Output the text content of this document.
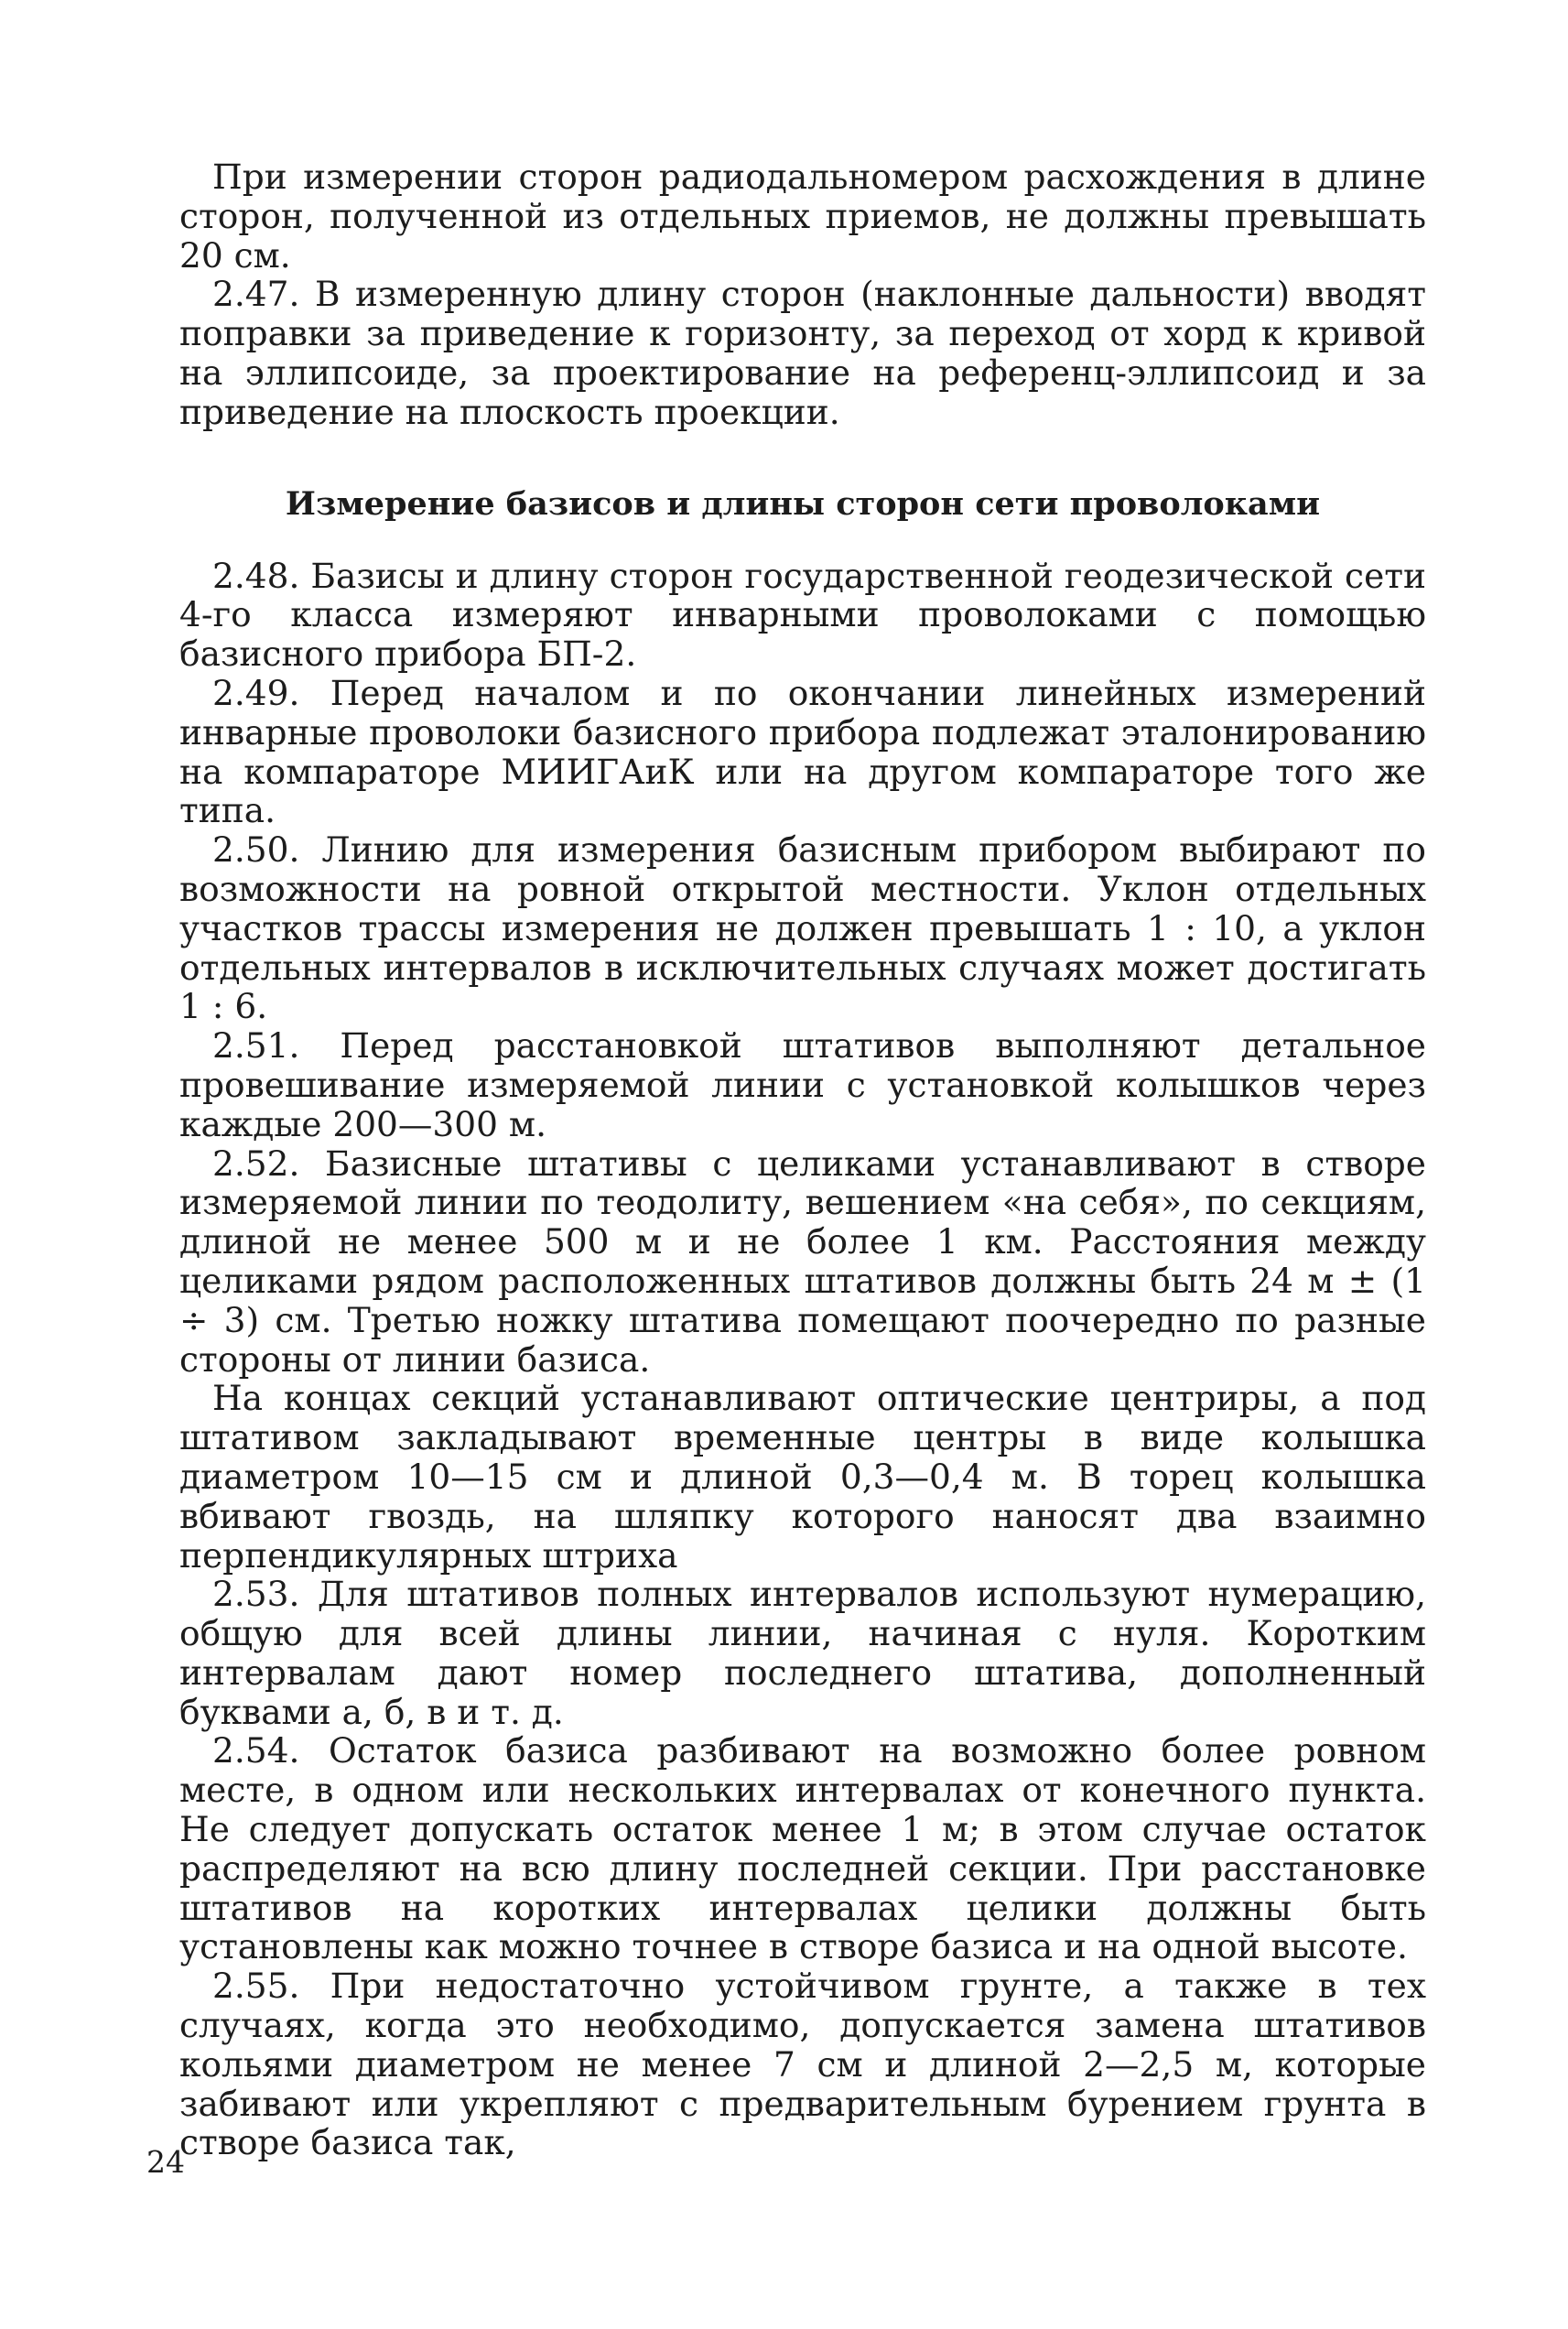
При измерении сторон радиодальномером расхождения в длине сторон, полученной из отдельных приемов, не должны превышать 20 см.

2.47. В измеренную длину сторон (наклонные дальности) вводят поправки за приведение к горизонту, за переход от хорд к кривой на эллипсоиде, за проектирование на референц-эллипсоид и за приведение на плоскость проекции.

Измерение базисов и длины сторон сети проволоками

2.48. Базисы и длину сторон государственной геодезической сети 4-го класса измеряют инварными проволоками с помощью базисного прибора БП-2.

2.49. Перед началом и по окончании линейных измерений инварные проволоки базисного прибора подлежат эталонированию на компараторе МИИГАиК или на другом компараторе того же типа.

2.50. Линию для измерения базисным прибором выбирают по возможности на ровной открытой местности. Уклон отдельных участков трассы измерения не должен превышать 1 : 10, а уклон отдельных интервалов в исключительных случаях может достигать 1 : 6.

2.51. Перед расстановкой штативов выполняют детальное провешивание измеряемой линии с установкой колышков через каждые 200—300 м.

2.52. Базисные штативы с целиками устанавливают в створе измеряемой линии по теодолиту, вешением «на себя», по секциям, длиной не менее 500 м и не более 1 км. Расстояния между целиками рядом расположенных штативов должны быть 24 м ± (1 ÷ 3) см. Третью ножку штатива помещают поочередно по разные стороны от линии базиса.

На концах секций устанавливают оптические центриры, а под штативом закладывают временные центры в виде колышка диаметром 10—15 см и длиной 0,3—0,4 м. В торец колышка вбивают гвоздь, на шляпку которого наносят два взаимно перпендикулярных штриха

2.53. Для штативов полных интервалов используют нумерацию, общую для всей длины линии, начиная с нуля. Коротким интервалам дают номер последнего штатива, дополненный буквами а, б, в и т. д.

2.54. Остаток базиса разбивают на возможно более ровном месте, в одном или нескольких интервалах от конечного пункта. Не следует допускать остаток менее 1 м; в этом случае остаток распределяют на всю длину последней секции. При расстановке штативов на коротких интервалах целики должны быть установлены как можно точнее в створе базиса и на одной высоте.

2.55. При недостаточно устойчивом грунте, а также в тех случаях, когда это необходимо, допускается замена штативов кольями диаметром не менее 7 см и длиной 2—2,5 м, которые забивают или укрепляют с предварительным бурением грунта в створе базиса так,

24
